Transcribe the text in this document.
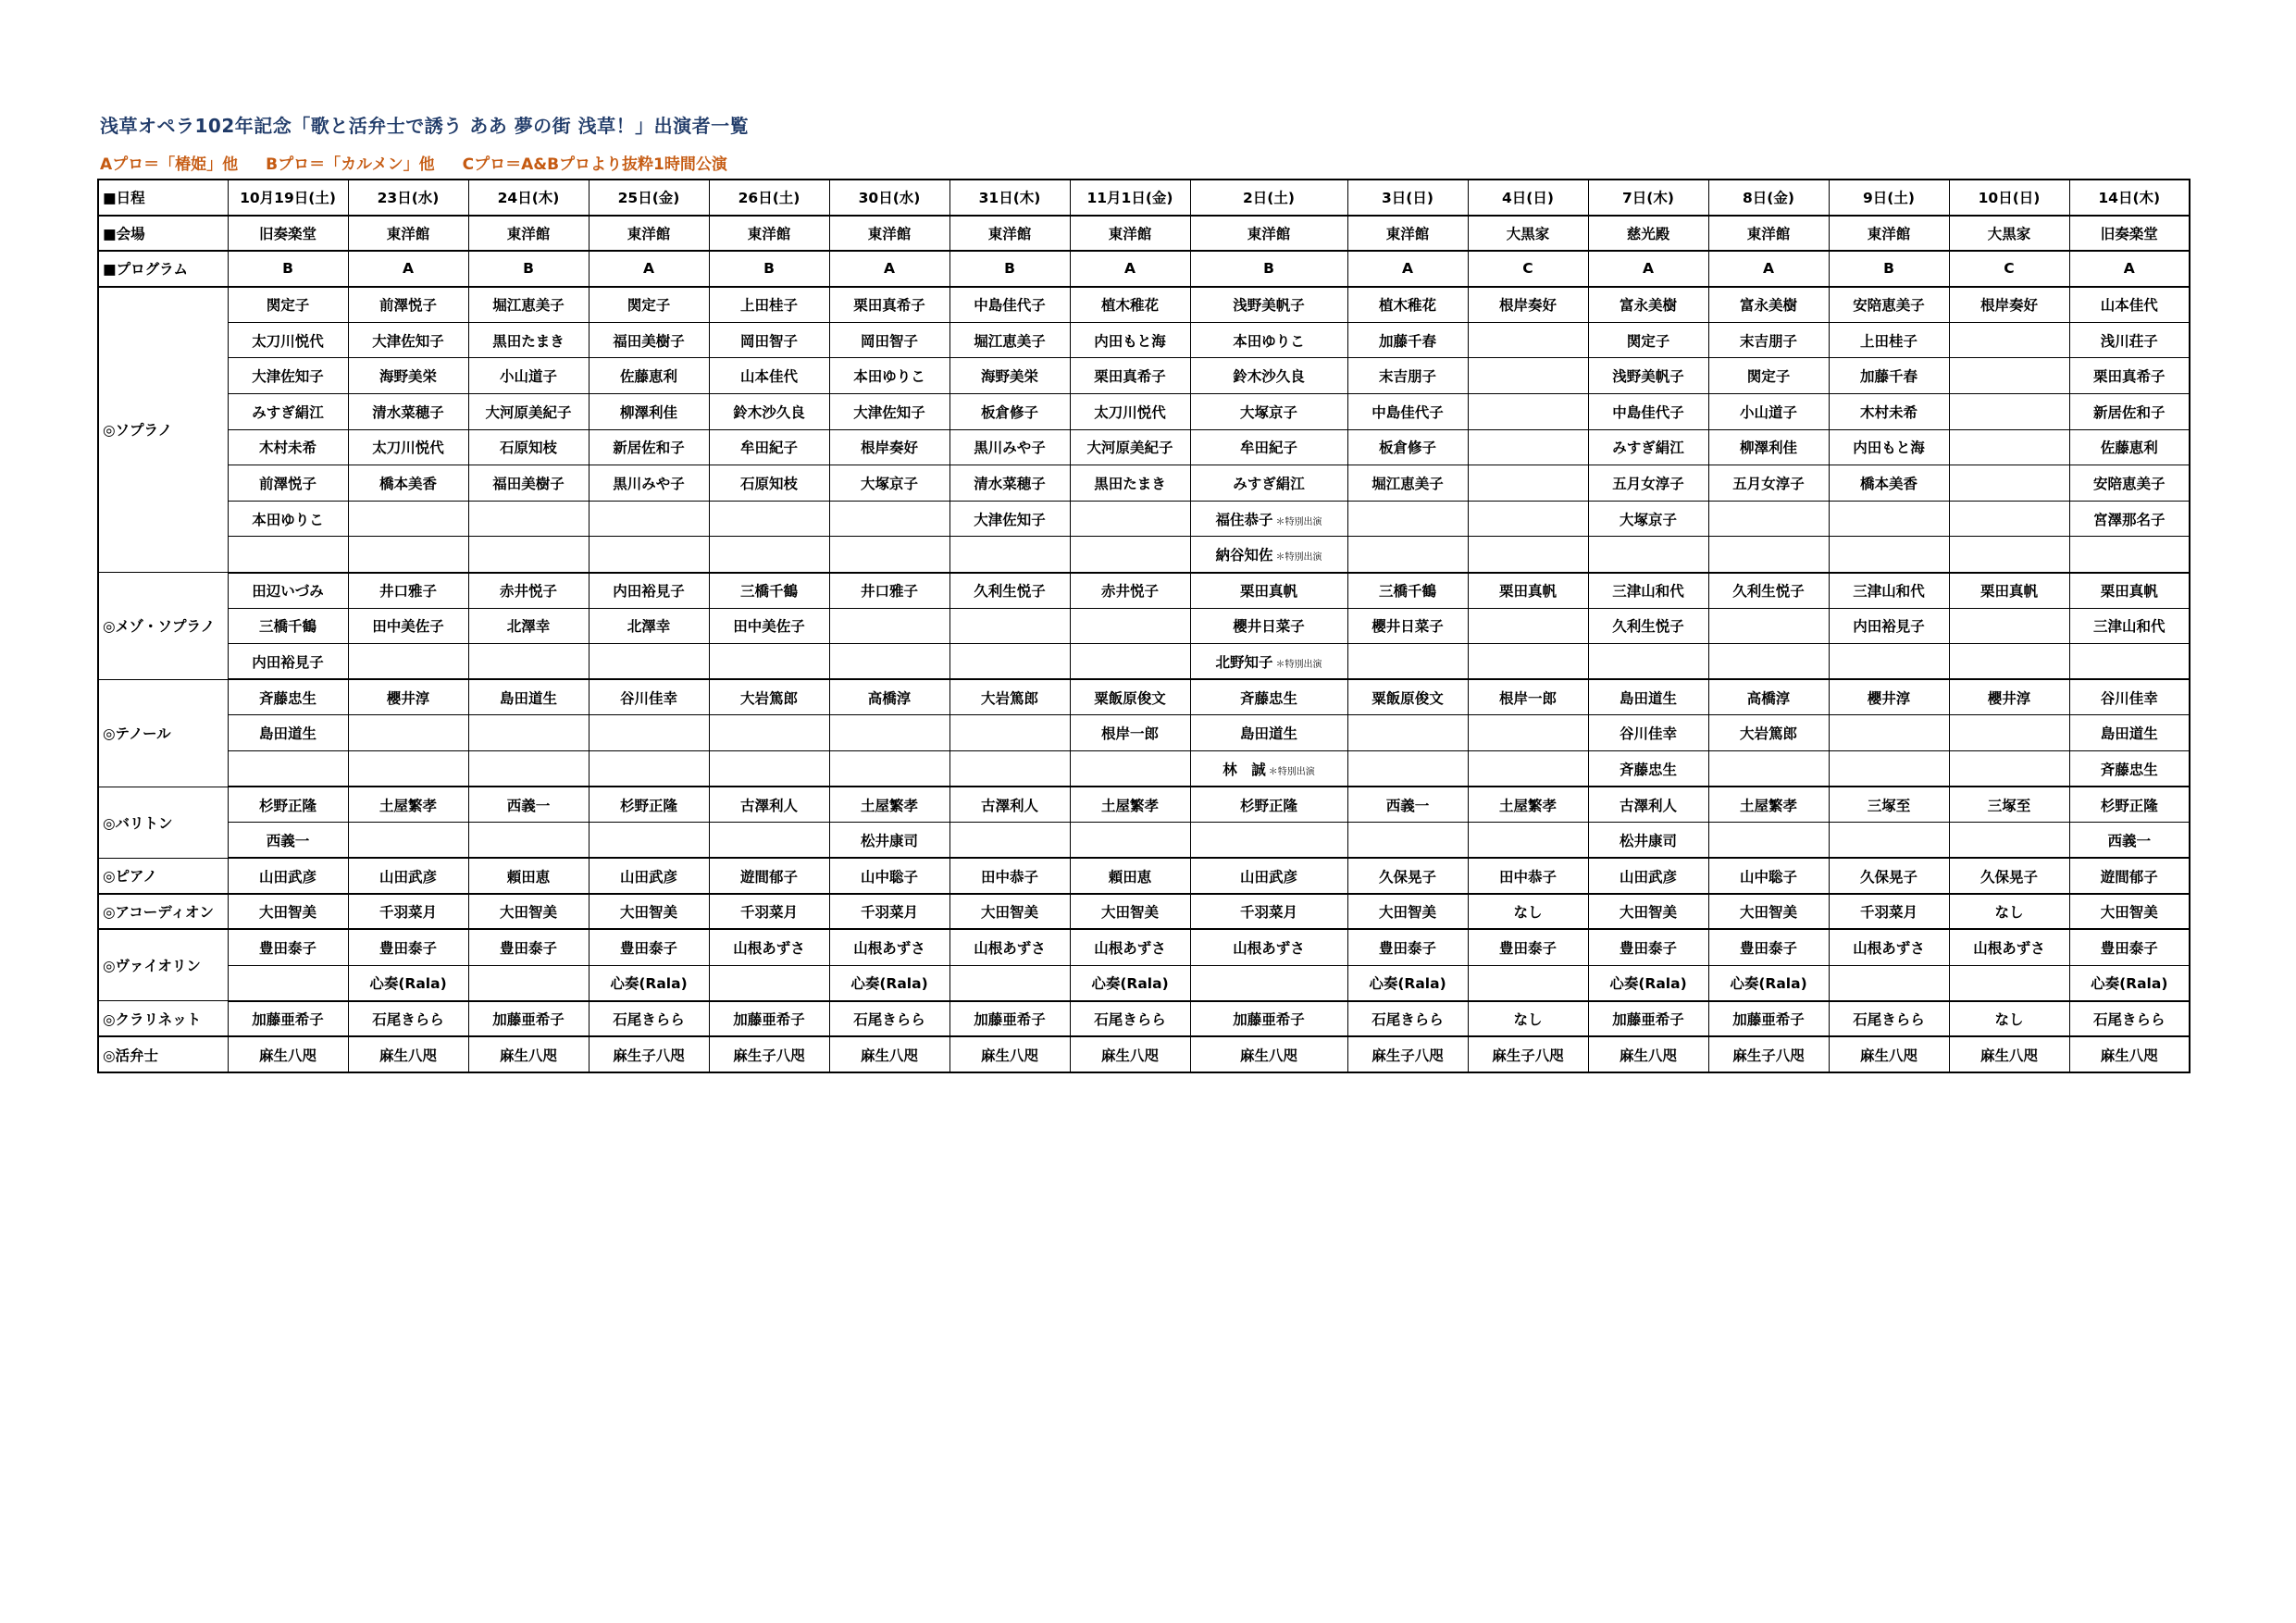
浅草オペラ102年記念「歌と活弁士で誘う ああ 夢の街 浅草！」出演者一覧
Aプロ＝「椿姫」他 Bプロ＝「カルメン」他 Cプロ＝A&Bプロより抜粋1時間公演
■日程	10月19日(土)	23日(水)	24日(木)	25日(金)	26日(土)	30日(水)	31日(木)	11月1日(金)	2日(土)	3日(日)	4日(日)	7日(木)	8日(金)	9日(土)	10日(日)	14日(木)
■会場	旧奏楽堂	東洋館	東洋館	東洋館	東洋館	東洋館	東洋館	東洋館	東洋館	東洋館	大黒家	慈光殿	東洋館	東洋館	大黒家	旧奏楽堂
■プログラム	B	A	B	A	B	A	B	A	B	A	C	A	A	B	C	A
◎ソプラノ	関定子	前澤悦子	堀江恵美子	関定子	上田桂子	栗田真希子	中島佳代子	植木稚花	浅野美帆子	植木稚花	根岸奏好	富永美樹	富永美樹	安陪恵美子	根岸奏好	山本佳代
	太刀川悦代	大津佐知子	黒田たまき	福田美樹子	岡田智子	岡田智子	堀江恵美子	内田もと海	本田ゆりこ	加藤千春		関定子	末吉朋子	上田桂子		浅川荘子
	大津佐知子	海野美栄	小山道子	佐藤恵利	山本佳代	本田ゆりこ	海野美栄	栗田真希子	鈴木沙久良	末吉朋子		浅野美帆子	関定子	加藤千春		栗田真希子
	みすぎ絹江	清水菜穂子	大河原美紀子	柳澤利佳	鈴木沙久良	大津佐知子	板倉修子	太刀川悦代	大塚京子	中島佳代子		中島佳代子	小山道子	木村未希		新居佐和子
	木村未希	太刀川悦代	石原知枝	新居佐和子	牟田紀子	根岸奏好	黒川みや子	大河原美紀子	牟田紀子	板倉修子		みすぎ絹江	柳澤利佳	内田もと海		佐藤恵利
	前澤悦子	橋本美香	福田美樹子	黒川みや子	石原知枝	大塚京子	清水菜穂子	黒田たまき	みすぎ絹江	堀江恵美子		五月女淳子	五月女淳子	橋本美香		安陪恵美子
	本田ゆりこ						大津佐知子		福住恭子 ＊特別出演			大塚京子				宮澤那名子
									納谷知佐 ＊特別出演							
◎メゾ・ソプラノ	田辺いづみ	井口雅子	赤井悦子	内田裕見子	三橋千鶴	井口雅子	久利生悦子	赤井悦子	栗田真帆	三橋千鶴	栗田真帆	三津山和代	久利生悦子	三津山和代	栗田真帆	栗田真帆
	三橋千鶴	田中美佐子	北澤幸	北澤幸	田中美佐子				櫻井日菜子	櫻井日菜子		久利生悦子		内田裕見子		三津山和代
	内田裕見子								北野知子 ＊特別出演							
◎テノール	斉藤忠生	櫻井淳	島田道生	谷川佳幸	大岩篤郎	高橋淳	大岩篤郎	粟飯原俊文	斉藤忠生	粟飯原俊文	根岸一郎	島田道生	高橋淳	櫻井淳	櫻井淳	谷川佳幸
	島田道生							根岸一郎	島田道生			谷川佳幸	大岩篤郎			島田道生
									林　誠 ＊特別出演			斉藤忠生				斉藤忠生
◎バリトン	杉野正隆	土屋繁孝	西義一	杉野正隆	古澤利人	土屋繁孝	古澤利人	土屋繁孝	杉野正隆	西義一	土屋繁孝	古澤利人	土屋繁孝	三塚至	三塚至	杉野正隆
	西義一					松井康司						松井康司				西義一
◎ピアノ	山田武彦	山田武彦	頼田恵	山田武彦	遊間郁子	山中聡子	田中恭子	頼田恵	山田武彦	久保晃子	田中恭子	山田武彦	山中聡子	久保晃子	久保晃子	遊間郁子
◎アコーディオン	大田智美	千羽菜月	大田智美	大田智美	千羽菜月	千羽菜月	大田智美	大田智美	千羽菜月	大田智美	なし	大田智美	大田智美	千羽菜月	なし	大田智美
◎ヴァイオリン	豊田泰子	豊田泰子	豊田泰子	豊田泰子	山根あずさ	山根あずさ	山根あずさ	山根あずさ	山根あずさ	豊田泰子	豊田泰子	豊田泰子	豊田泰子	山根あずさ	山根あずさ	豊田泰子
		心奏(Rala)		心奏(Rala)		心奏(Rala)		心奏(Rala)		心奏(Rala)		心奏(Rala)	心奏(Rala)			心奏(Rala)
◎クラリネット	加藤亜希子	石尾きらら	加藤亜希子	石尾きらら	加藤亜希子	石尾きらら	加藤亜希子	石尾きらら	加藤亜希子	石尾きらら	なし	加藤亜希子	加藤亜希子	石尾きらら	なし	石尾きらら
◎活弁士	麻生八咫	麻生八咫	麻生八咫	麻生子八咫	麻生子八咫	麻生八咫	麻生八咫	麻生八咫	麻生八咫	麻生子八咫	麻生子八咫	麻生八咫	麻生子八咫	麻生八咫	麻生八咫	麻生八咫
